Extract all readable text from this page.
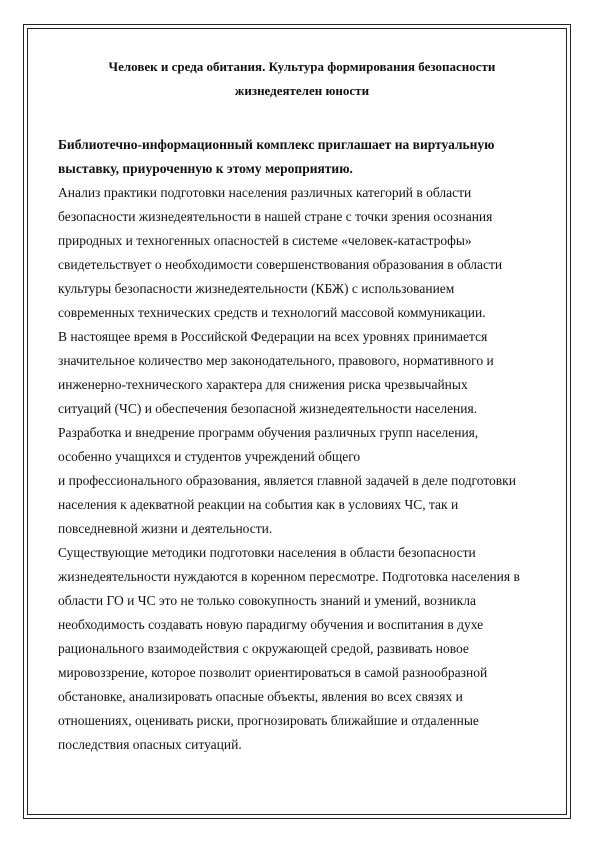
Человек и среда обитания. Культура формирования безопасности
жизнедеятелен юности

Библиотечно-информационный комплекс приглашает на виртуальную
выставку, приуроченную к этому мероприятию.

Анализ практики подготовки населения различных категорий в области
безопасности жизнедеятельности в нашей стране с точки зрения осознания
природных и техногенных опасностей в системе «человек-катастрофы»
свидетельствует о необходимости совершенствования образования в области
культуры безопасности жизнедеятельности (КБЖ) с использованием
современных технических средств и технологий массовой коммуникации.

В настоящее время в Российской Федерации на всех уровнях принимается
значительное количество мер законодательного, правового, нормативного и
инженерно-технического характера для снижения риска чрезвычайных
ситуаций (ЧС) и обеспечения безопасной жизнедеятельности населения.

Разработка и внедрение программ обучения различных групп населения,
особенно учащихся и студентов учреждений общего
и профессионального образования, является главной задачей в деле подготовки
населения к адекватной реакции на события как в условиях ЧС, так и
повседневной жизни и деятельности.

Существующие методики подготовки населения в области безопасности
жизнедеятельности нуждаются в коренном пересмотре. Подготовка населения в
области ГО и ЧС это не только совокупность знаний и умений, возникла
необходимость создавать новую парадигму обучения и воспитания в духе
рационального взаимодействия с окружающей средой, развивать новое
мировоззрение, которое позволит ориентироваться в самой разнообразной
обстановке, анализировать опасные объекты, явления во всех связях и
отношениях, оценивать риски, прогнозировать ближайшие и отдаленные
последствия опасных ситуаций.
